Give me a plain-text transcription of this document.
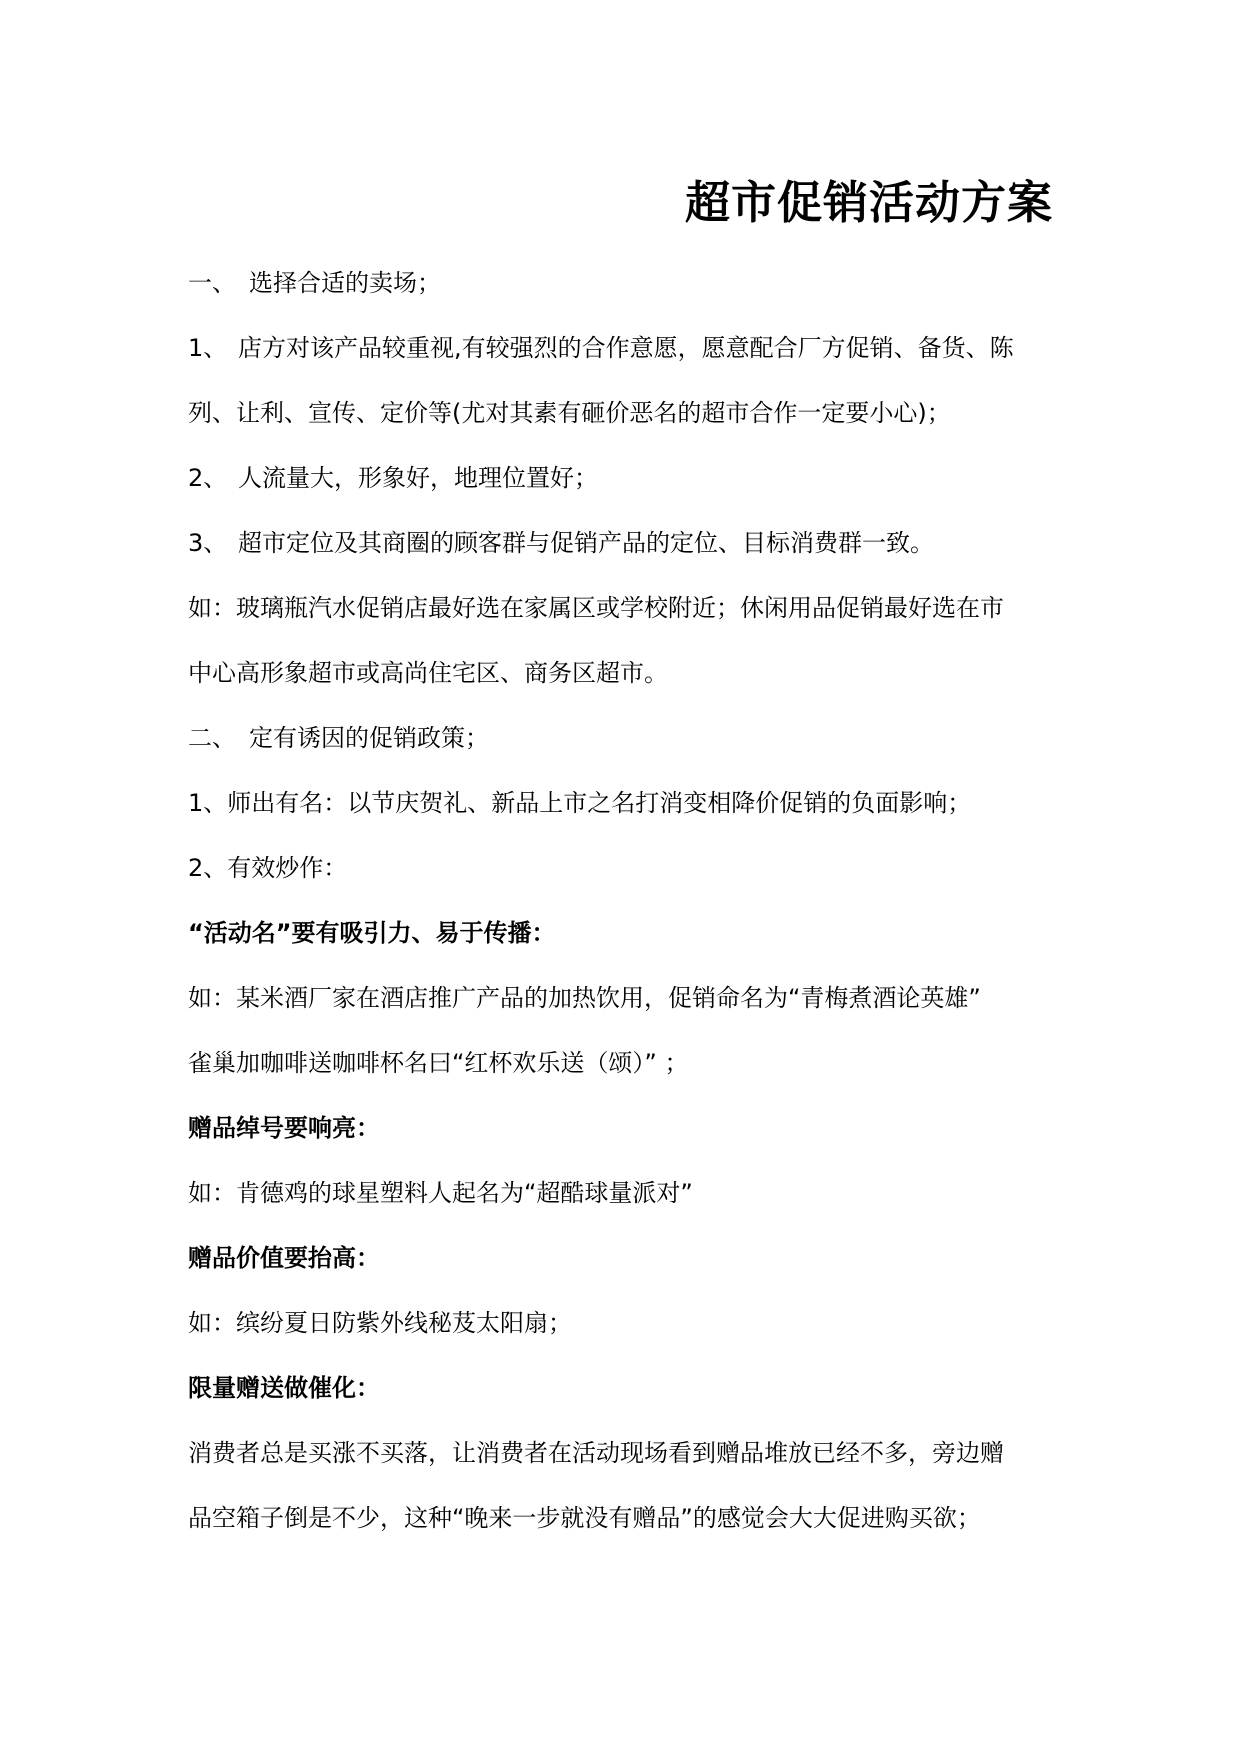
超市促销活动方案
一、 选择合适的卖场；
1、 店方对该产品较重视,有较强烈的合作意愿，愿意配合厂方促销、备货、陈
列、让利、宣传、定价等(尤对其素有砸价恶名的超市合作一定要小心)；
2、 人流量大，形象好，地理位置好；
3、 超市定位及其商圈的顾客群与促销产品的定位、目标消费群一致。
如：玻璃瓶汽水促销店最好选在家属区或学校附近；休闲用品促销最好选在市
中心高形象超市或高尚住宅区、商务区超市。
二、 定有诱因的促销政策；
1、师出有名：以节庆贺礼、新品上市之名打消变相降价促销的负面影响；
2、有效炒作：
“活动名”要有吸引力、易于传播：
如：某米酒厂家在酒店推广产品的加热饮用，促销命名为“青梅煮酒论英雄”
雀巢加咖啡送咖啡杯名曰“红杯欢乐送（颂）” ；
赠品绰号要响亮：
如：肯德鸡的球星塑料人起名为“超酷球量派对”
赠品价值要抬高：
如：缤纷夏日防紫外线秘芨太阳扇；
限量赠送做催化：
消费者总是买涨不买落，让消费者在活动现场看到赠品堆放已经不多，旁边赠
品空箱子倒是不少，这种“晚来一步就没有赠品”的感觉会大大促进购买欲；
